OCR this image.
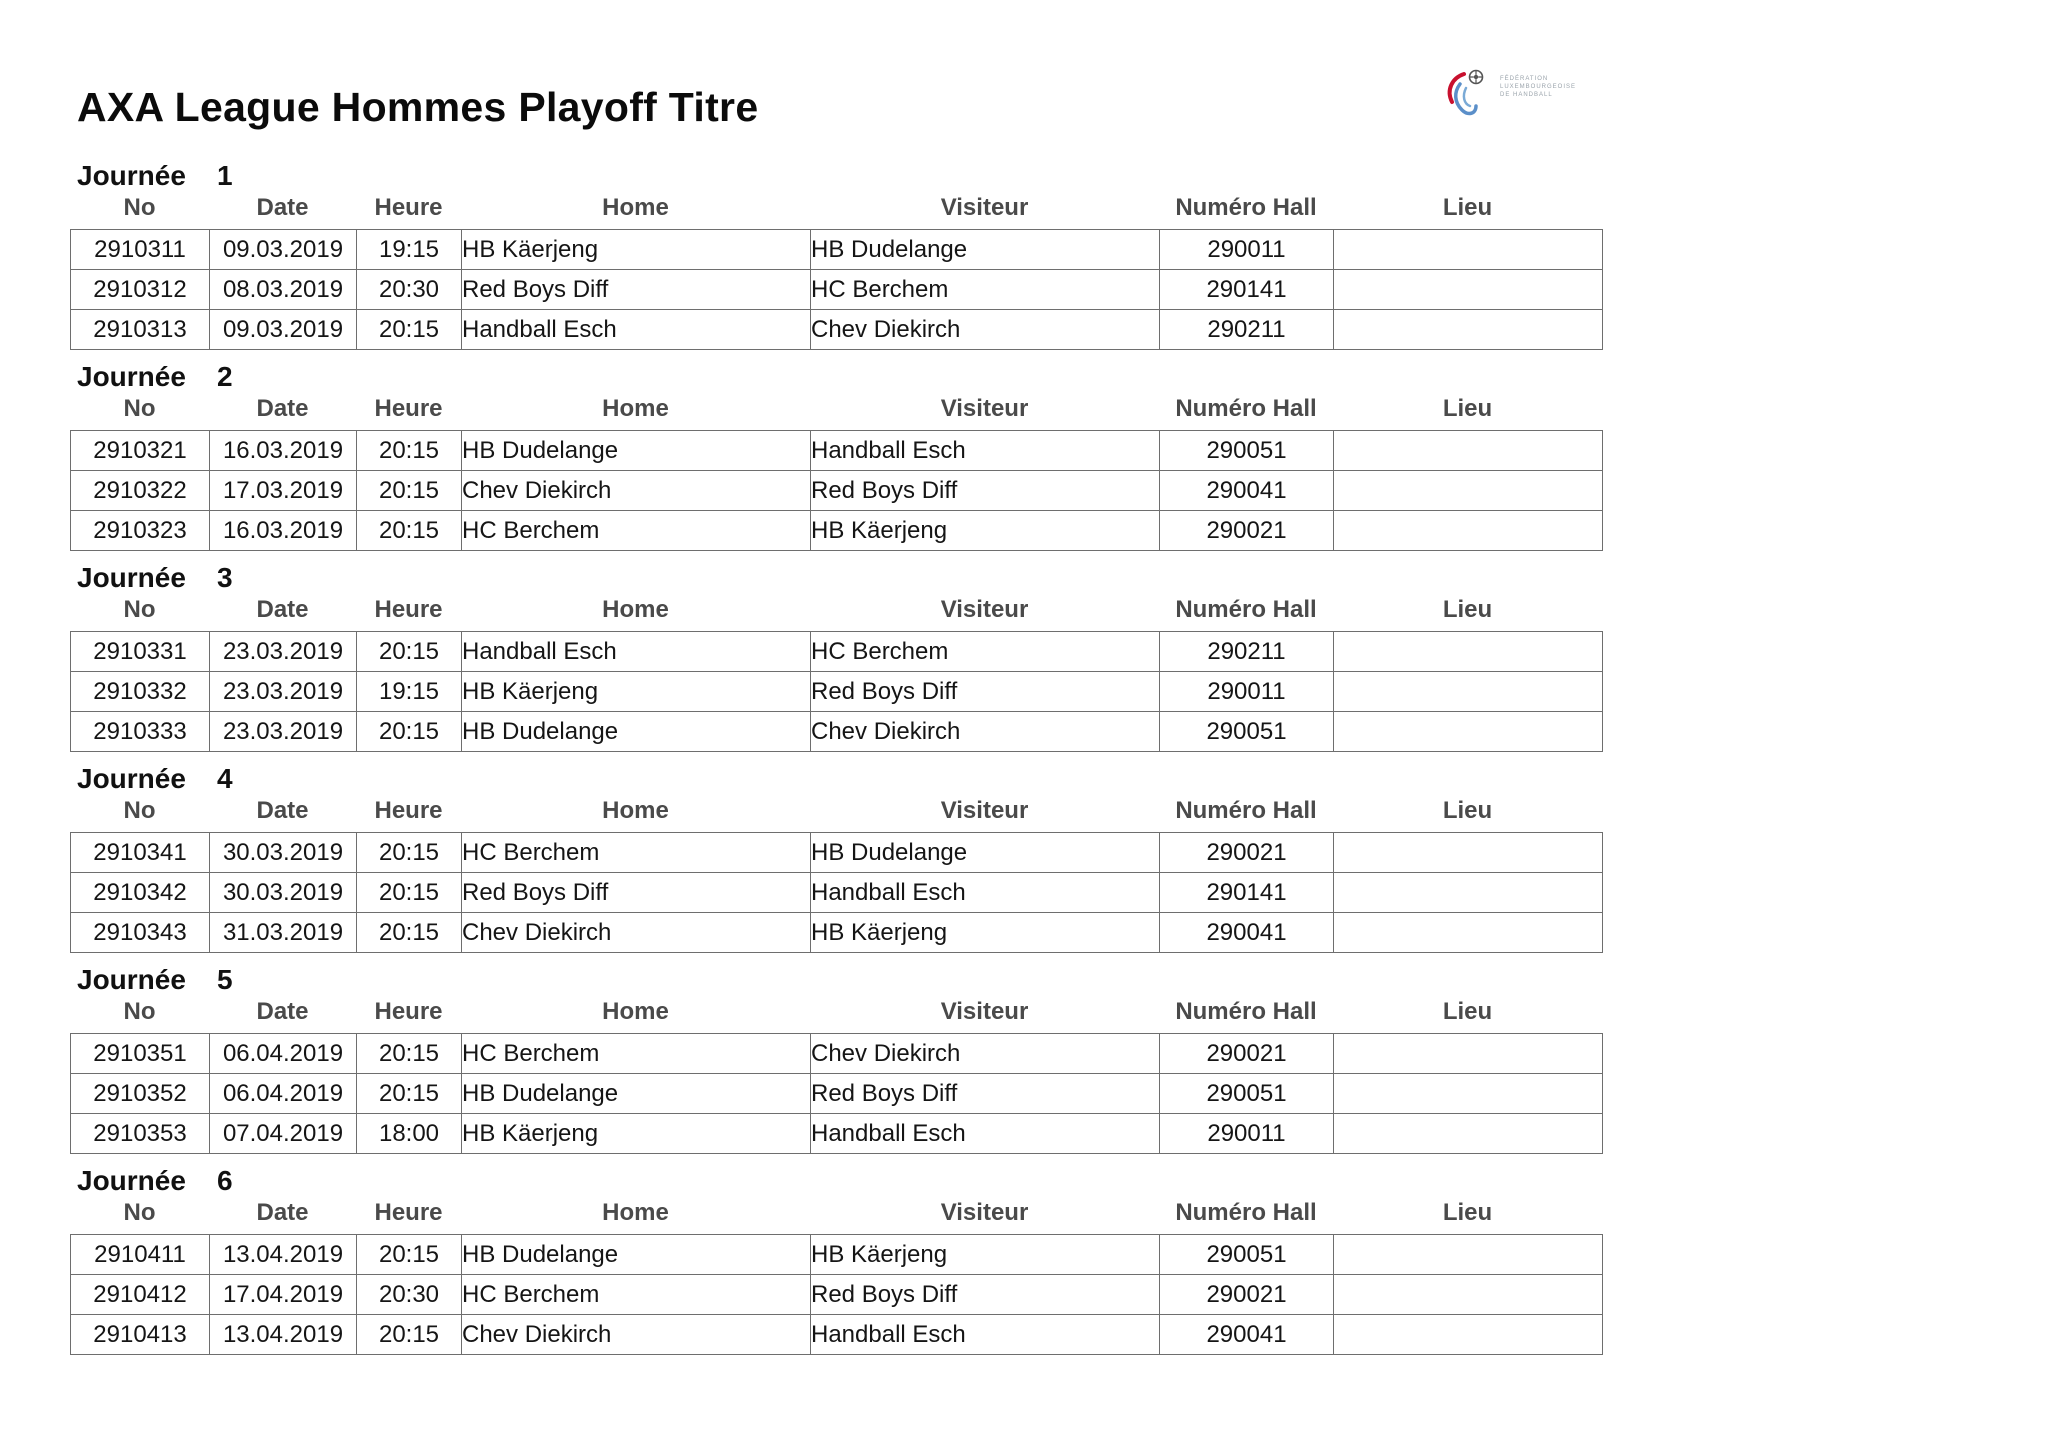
AXA League Hommes Playoff Titre
FÉDÉRATION
LUXEMBOURGEOISE
DE HANDBALL
Journée 1
No	Date	Heure	Home	Visiteur	Numéro Hall	Lieu
2910311	09.03.2019	19:15	HB Käerjeng	HB Dudelange	290011	
2910312	08.03.2019	20:30	Red Boys Diff	HC Berchem	290141	
2910313	09.03.2019	20:15	Handball Esch	Chev Diekirch	290211	
Journée 2
No	Date	Heure	Home	Visiteur	Numéro Hall	Lieu
2910321	16.03.2019	20:15	HB Dudelange	Handball Esch	290051	
2910322	17.03.2019	20:15	Chev Diekirch	Red Boys Diff	290041	
2910323	16.03.2019	20:15	HC Berchem	HB Käerjeng	290021	
Journée 3
No	Date	Heure	Home	Visiteur	Numéro Hall	Lieu
2910331	23.03.2019	20:15	Handball Esch	HC Berchem	290211	
2910332	23.03.2019	19:15	HB Käerjeng	Red Boys Diff	290011	
2910333	23.03.2019	20:15	HB Dudelange	Chev Diekirch	290051	
Journée 4
No	Date	Heure	Home	Visiteur	Numéro Hall	Lieu
2910341	30.03.2019	20:15	HC Berchem	HB Dudelange	290021	
2910342	30.03.2019	20:15	Red Boys Diff	Handball Esch	290141	
2910343	31.03.2019	20:15	Chev Diekirch	HB Käerjeng	290041	
Journée 5
No	Date	Heure	Home	Visiteur	Numéro Hall	Lieu
2910351	06.04.2019	20:15	HC Berchem	Chev Diekirch	290021	
2910352	06.04.2019	20:15	HB Dudelange	Red Boys Diff	290051	
2910353	07.04.2019	18:00	HB Käerjeng	Handball Esch	290011	
Journée 6
No	Date	Heure	Home	Visiteur	Numéro Hall	Lieu
2910411	13.04.2019	20:15	HB Dudelange	HB Käerjeng	290051	
2910412	17.04.2019	20:30	HC Berchem	Red Boys Diff	290021	
2910413	13.04.2019	20:15	Chev Diekirch	Handball Esch	290041	
